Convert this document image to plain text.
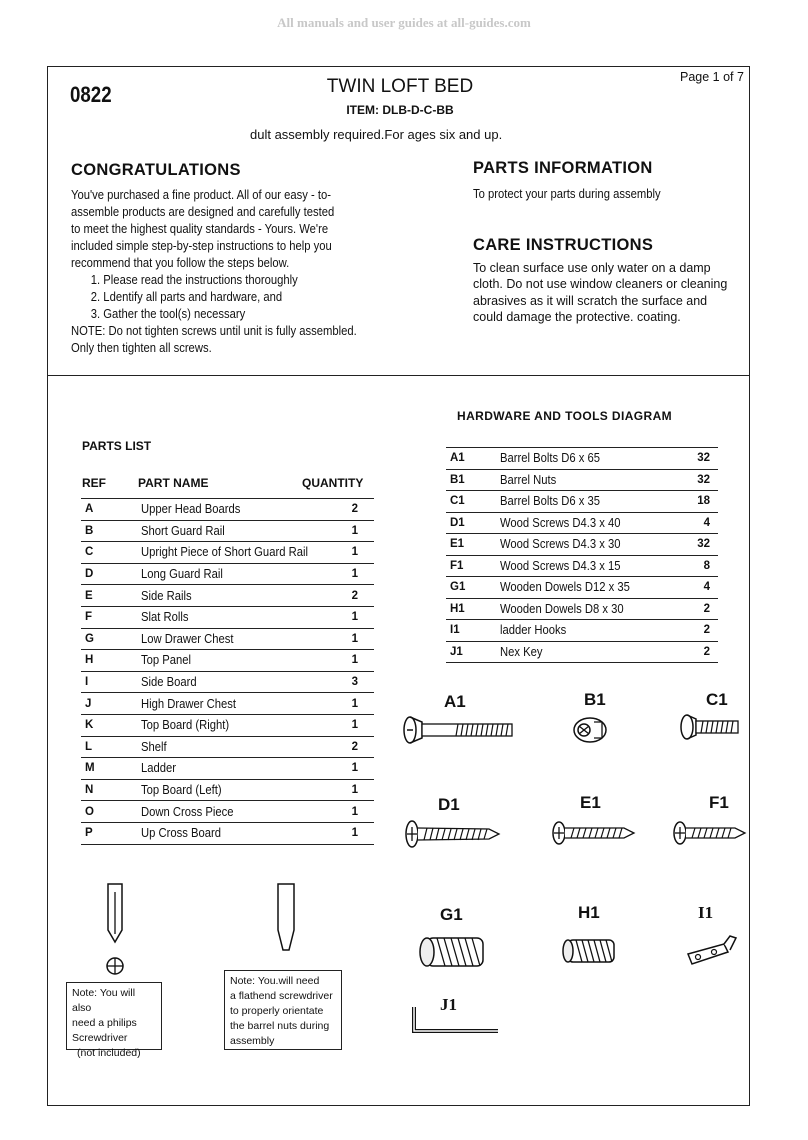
All manuals and user guides at all-guides.com
0822	TWIN LOFT BED
ITEM: DLB-D-C-BB
dult assembly required.For ages six and up.
Page 1 of 7
CONGRATULATIONS
You've purchased a fine product. All of our easy - to-
assemble products are designed and carefully tested
to meet the highest quality standards - Yours. We're
included simple step-by-step instructions to help you
recommend that you follow the steps below.
1. Please read the instructions thoroughly
2. Ldentify all parts and hardware, and
3. Gather the tool(s) necessary
NOTE: Do not tighten screws until unit is fully assembled.
Only then tighten all screws.
PARTS INFORMATION
To protect your parts during assembly
CARE INSTRUCTIONS
To clean surface use only water on a damp
cloth. Do not use window cleaners or cleaning
abrasives as it will scratch the surface and
could damage the protective. coating.
PARTS LIST
REF	PART NAME	QUANTITY
A	Upper Head Boards	2
B	Short Guard Rail	1
C	Upright Piece of Short Guard Rail	1
D	Long Guard Rail	1
E	Side Rails	2
F	Slat Rolls	1
G	Low Drawer Chest	1
H	Top Panel	1
I	Side Board	3
J	High Drawer Chest	1
K	Top Board (Right)	1
L	Shelf	2
M	Ladder	1
N	Top Board (Left)	1
O	Down Cross Piece	1
P	Up Cross Board	1
HARDWARE AND TOOLS DIAGRAM
A1	Barrel Bolts D6 x 65	32
B1	Barrel Nuts	32
C1	Barrel Bolts D6 x 35	18
D1	Wood Screws D4.3 x 40	4
E1	Wood Screws D4.3 x 30	32
F1	Wood Screws D4.3 x 15	8
G1	Wooden Dowels D12 x 35	4
H1	Wooden Dowels D8 x 30	2
I1	ladder Hooks	2
J1	Nex Key	2
A1	B1	C1
D1	E1	F1
G1	H1	I1
J1
Note: You will also
need a philips
Screwdriver
(not included)
Note: You.will need
a flathend screwdriver
to properly orientate
the barrel nuts during
assembly
